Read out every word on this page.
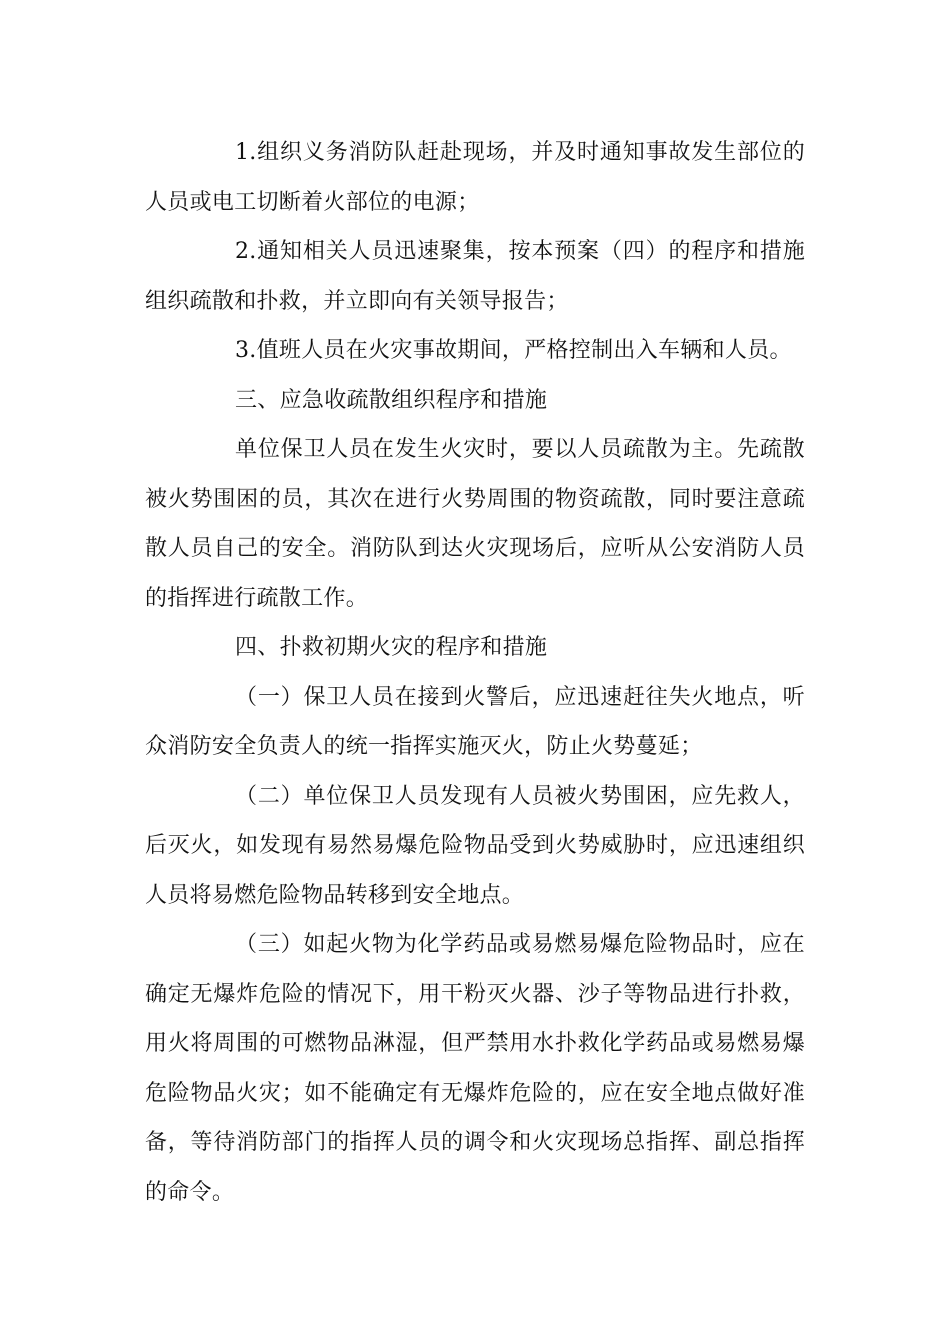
1.组织义务消防队赶赴现场，并及时通知事故发生部位的

人员或电工切断着火部位的电源；

2.通知相关人员迅速聚集，按本预案（四）的程序和措施

组织疏散和扑救，并立即向有关领导报告；

3.值班人员在火灾事故期间，严格控制出入车辆和人员。

三、应急收疏散组织程序和措施

单位保卫人员在发生火灾时，要以人员疏散为主。先疏散

被火势围困的员，其次在进行火势周围的物资疏散，同时要注意疏

散人员自己的安全。消防队到达火灾现场后，应听从公安消防人员

的指挥进行疏散工作。

四、扑救初期火灾的程序和措施

（一）保卫人员在接到火警后，应迅速赶往失火地点，听

众消防安全负责人的统一指挥实施灭火，防止火势蔓延；

（二）单位保卫人员发现有人员被火势围困，应先救人，

后灭火，如发现有易然易爆危险物品受到火势威胁时，应迅速组织

人员将易燃危险物品转移到安全地点。

（三）如起火物为化学药品或易燃易爆危险物品时，应在

确定无爆炸危险的情况下，用干粉灭火器、沙子等物品进行扑救，

用火将周围的可燃物品淋湿，但严禁用水扑救化学药品或易燃易爆

危险物品火灾；如不能确定有无爆炸危险的，应在安全地点做好准

备，等待消防部门的指挥人员的调令和火灾现场总指挥、副总指挥

的命令。
